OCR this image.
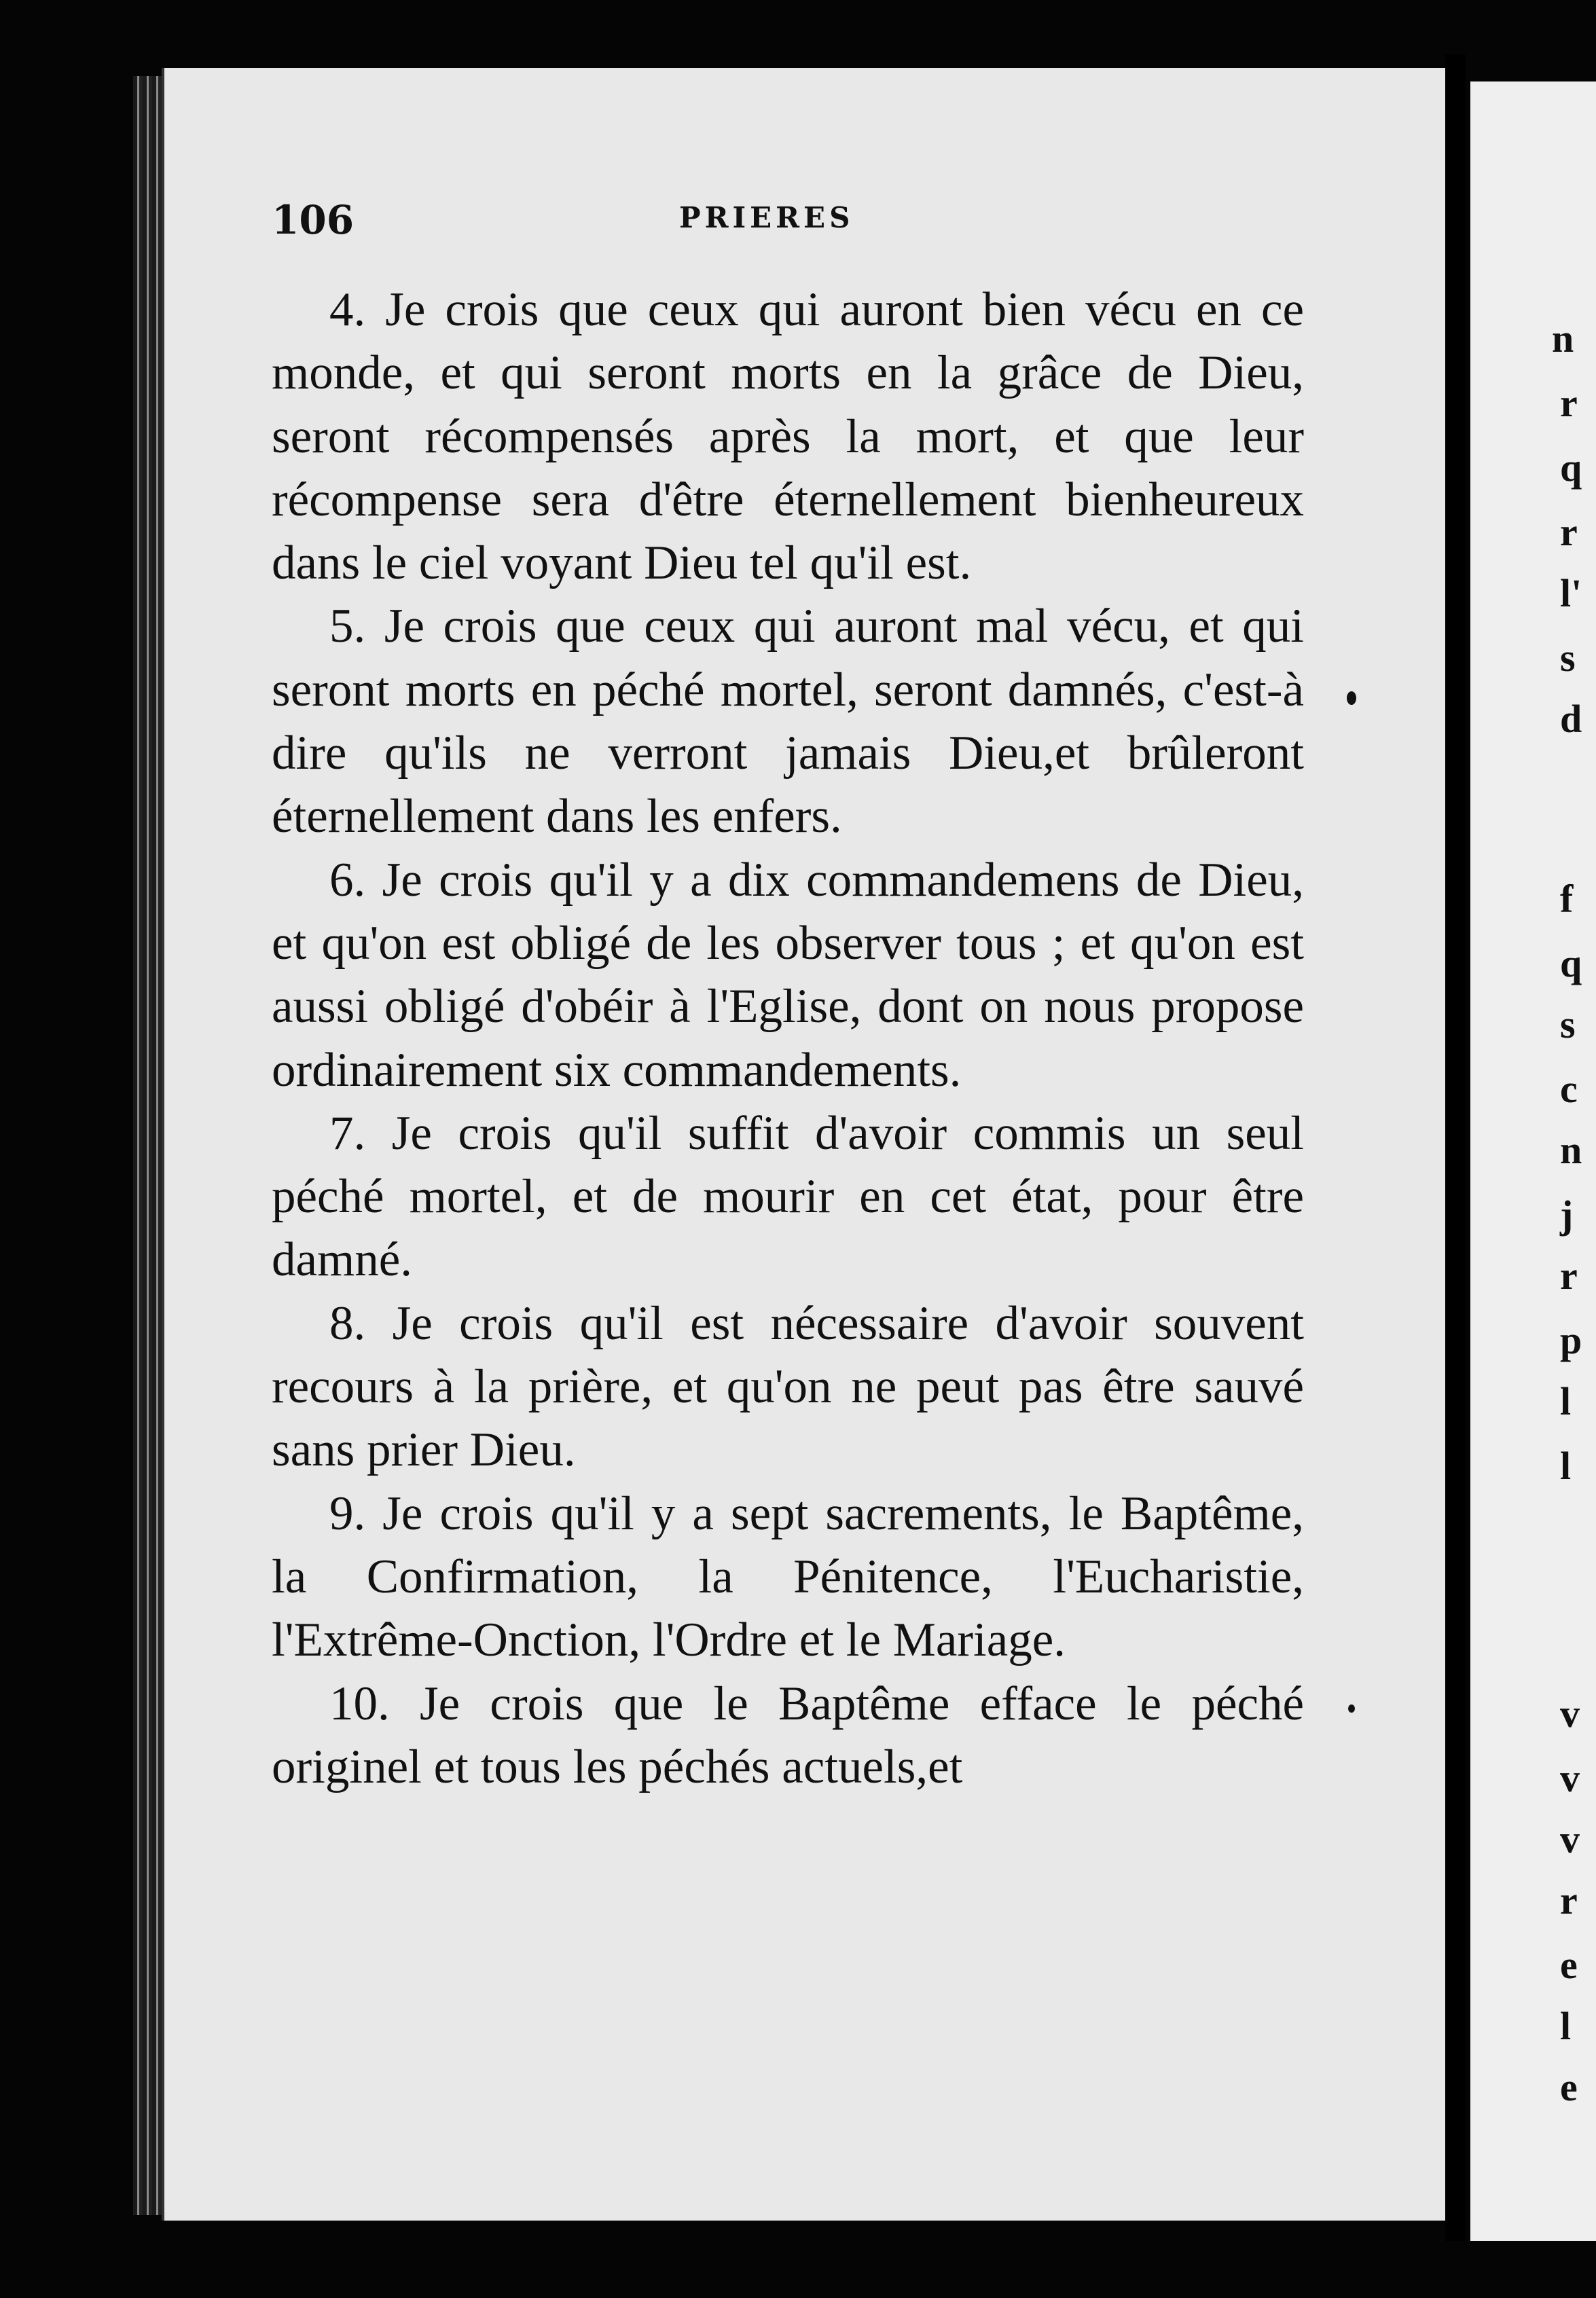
106	PRIERES

4. Je crois que ceux qui auront bien vécu en ce monde, et qui seront morts en la grâce de Dieu, seront récompensés après la mort, et que leur récompense sera d'être éternellement bienheureux dans le ciel voyant Dieu tel qu'il est.

5. Je crois que ceux qui auront mal vécu, et qui seront morts en péché mortel, seront damnés, c'est-à dire qu'ils ne verront jamais Dieu,et brûleront éternellement dans les enfers.

6. Je crois qu'il y a dix commandemens de Dieu, et qu'on est obligé de les observer tous ; et qu'on est aussi obligé d'obéir à l'Eglise, dont on nous propose ordinairement six commandements.

7. Je crois qu'il suffit d'avoir commis un seul péché mortel, et de mourir en cet état, pour être damné.

8. Je crois qu'il est nécessaire d'avoir souvent recours à la prière, et qu'on ne peut pas être sauvé sans prier Dieu.

9. Je crois qu'il y a sept sacrements, le Baptême, la Confirmation, la Pénitence, l'Eucharistie, l'Extrême-Onction, l'Ordre et le Mariage.

10. Je crois que le Baptême efface le péché originel et tous les péchés actuels,et

n
r
q
r
l'
s
d
f
q
s
c
n
j
r
p
l
l
v
v
v
r
e
l
e
